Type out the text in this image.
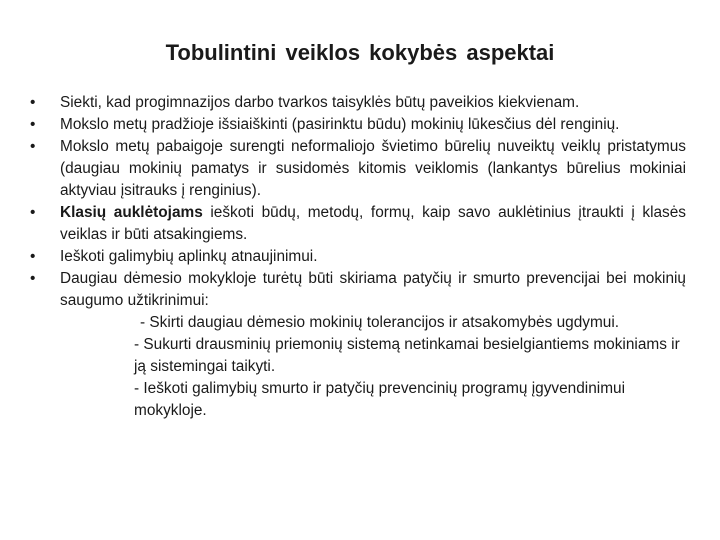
Tobulintini veiklos kokybės aspektai
•	Siekti, kad progimnazijos darbo tvarkos taisyklės būtų paveikios kiekvienam.
•	Mokslo metų pradžioje išsiaiškinti (pasirinktu būdu) mokinių lūkesčius dėl renginių.
•	Mokslo metų pabaigoje surengti neformaliojo švietimo būrelių nuveiktų veiklų pristatymus (daugiau mokinių pamatys ir susidomės kitomis veiklomis (lankantys būrelius mokiniai aktyviau įsitrauks į renginius).
•	Klasių auklėtojams ieškoti būdų, metodų, formų, kaip savo auklėtinius įtraukti į klasės veiklas ir būti atsakingiems.
•	Ieškoti galimybių aplinkų atnaujinimui.
•	Daugiau dėmesio mokykloje turėtų būti skiriama patyčių ir smurto prevencijai bei mokinių saugumo užtikrinimui:
- Skirti daugiau dėmesio mokinių tolerancijos ir atsakomybės ugdymui.
- Sukurti drausminių priemonių sistemą netinkamai besielgiantiems mokiniams ir ją sistemingai taikyti.
- Ieškoti galimybių smurto ir patyčių prevencinių programų įgyvendinimui mokykloje.
